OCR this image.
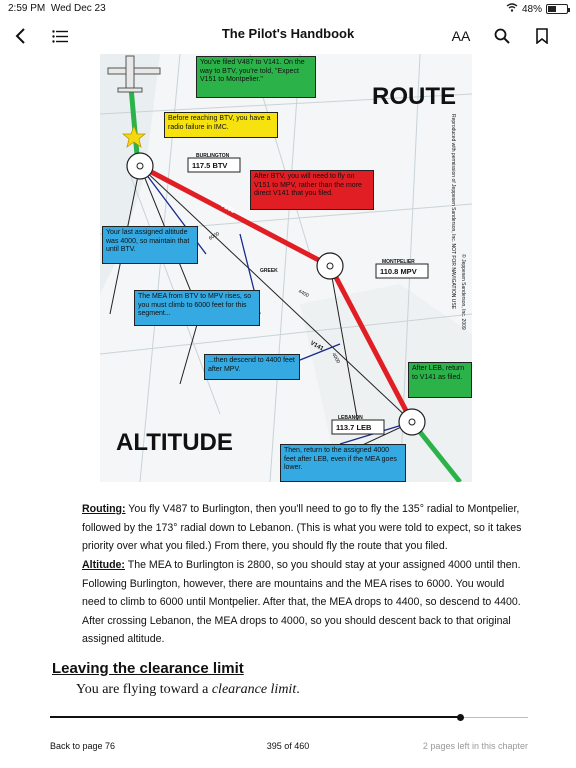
2:59 PM Wed Dec 23	48%
The Pilot's Handbook	AA
BURLINGTON
117.5 BTV
MONTPELIER
110.8 MPV
LEBANON
113.7 LEB
V151
V141
GREEK
6000
4400
4000
ROUTE
ALTITUDE
Reproduced with permission of Jeppesen Sanderson, Inc. NOT FOR NAVIGATION USE © Jeppesen Sanderson, Inc. 2009
You've filed V487 to V141. On the way to BTV, you're told, "Expect V151 to Montpelier."
Before reaching BTV, you have a radio failure in IMC.
After BTV, you will need to fly on V151 to MPV, rather than the more direct V141 that you filed.
Your last assigned altitude was 4000, so maintain that until BTV.
The MEA from BTV to MPV rises, so you must climb to 6000 feet for this segment...
...then descend to 4400 feet after MPV.	After LEB, return to V141 as filed.
Then, return to the assigned 4000 feet after LEB, even if the MEA goes lower.
Routing: You fly V487 to Burlington, then you'll need to go to fly the 135° radial to Montpelier, followed by the 173° radial down to Lebanon. (This is what you were told to expect, so it takes priority over what you filed.) From there, you should fly the route that you filed.
Altitude: The MEA to Burlington is 2800, so you should stay at your assigned 4000 until then. Following Burlington, however, there are mountains and the MEA rises to 6000. You would need to climb to 6000 until Montpelier. After that, the MEA drops to 4400, so descend to 4400. After crossing Lebanon, the MEA drops to 4000, so you should descent back to that original assigned altitude.
Leaving the clearance limit
You are flying toward a clearance limit.
Back to page 76	395 of 460	2 pages left in this chapter
